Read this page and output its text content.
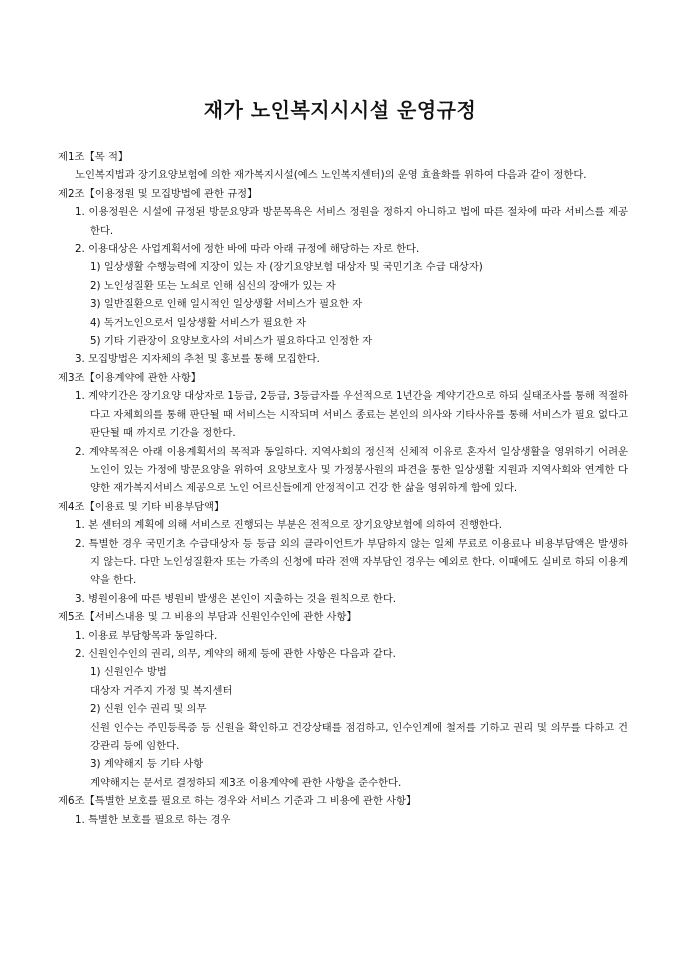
재가 노인복지시시설 운영규정
제1조【목 적】
노인복지법과 장기요양보험에 의한 재가복지시설(예스 노인복지센터)의 운영 효율화를 위하여 다음과 같이 정한다.
제2조【이용정원 및 모집방법에 관한 규정】
1. 이용정원은 시설에 규정된 방문요양과 방문목욕은 서비스 정원을 정하지 아니하고 법에 따른 절차에 따라 서비스를 제공한다.
2. 이용대상은 사업계획서에 정한 바에 따라 아래 규정에 해당하는 자로 한다.
1) 일상생활 수행능력에 지장이 있는 자 (장기요양보험 대상자 및 국민기초 수급 대상자)
2) 노인성질환 또는 노쇠로 인해 심신의 장애가 있는 자
3) 일반질환으로 인해 일시적인 일상생활 서비스가 필요한 자
4) 독거노인으로서 일상생활 서비스가 필요한 자
5) 기타 기관장이 요양보호사의 서비스가 필요하다고 인정한 자
3. 모집방법은 지자체의 추천 및 홍보를 통해 모집한다.
제3조【이용계약에 관한 사항】
1. 계약기간은 장기요양 대상자로 1등급, 2등급, 3등급자를 우선적으로 1년간을 계약기간으로 하되 실태조사를 통해 적절하다고 자체회의를 통해 판단될 때 서비스는 시작되며 서비스 종료는 본인의 의사와 기타사유를 통해 서비스가 필요 없다고 판단될 때 까지로 기간을 정한다.
2. 계약목적은 아래 이용계획서의 목적과 동일하다. 지역사회의 정신적 신체적 이유로 혼자서 일상생활을 영위하기 어려운 노인이 있는 가정에 방문요양을 위하여 요양보호사 및 가정봉사원의 파견을 통한 일상생활 지원과 지역사회와 연계한 다양한 재가복지서비스 제공으로 노인 어르신들에게 안정적이고 건강 한 삶을 영위하게 함에 있다.
제4조【이용료 및 기타 비용부담액】
1. 본 센터의 계획에 의해 서비스로 진행되는 부분은 전적으로 장기요양보험에 의하여 진행한다.
2. 특별한 경우 국민기초 수급대상자 등 등급 외의 클라이언트가 부담하지 않는 일체 무료로 이용료나 비용부담액은 발생하지 않는다. 다만 노인성질환자 또는 가족의 신청에 따라 전액 자부담인 경우는 예외로 한다. 이때에도 실비로 하되 이용계약을 한다.
3. 병원이용에 따른 병원비 발생은 본인이 지출하는 것을 원칙으로 한다.
제5조【서비스내용 및 그 비용의 부담과 신원인수인에 관한 사항】
1. 이용료 부담항목과 동일하다.
2. 신원인수인의 권리, 의무, 계약의 해제 등에 관한 사항은 다음과 같다.
1) 신원인수 방법
대상자 거주지 가정 및 복지센터
2) 신원 인수 권리 및 의무
신원 인수는 주민등록증 등 신원을 확인하고 건강상태를 점검하고, 인수인계에 철저를 기하고 권리 및 의무를 다하고 건강관리 등에 임한다.
3) 계약해지 등 기타 사항
계약해지는 문서로 결정하되 제3조 이용계약에 관한 사항을 준수한다.
제6조【특별한 보호를 필요로 하는 경우와 서비스 기준과 그 비용에 관한 사항】
1. 특별한 보호를 필요로 하는 경우
